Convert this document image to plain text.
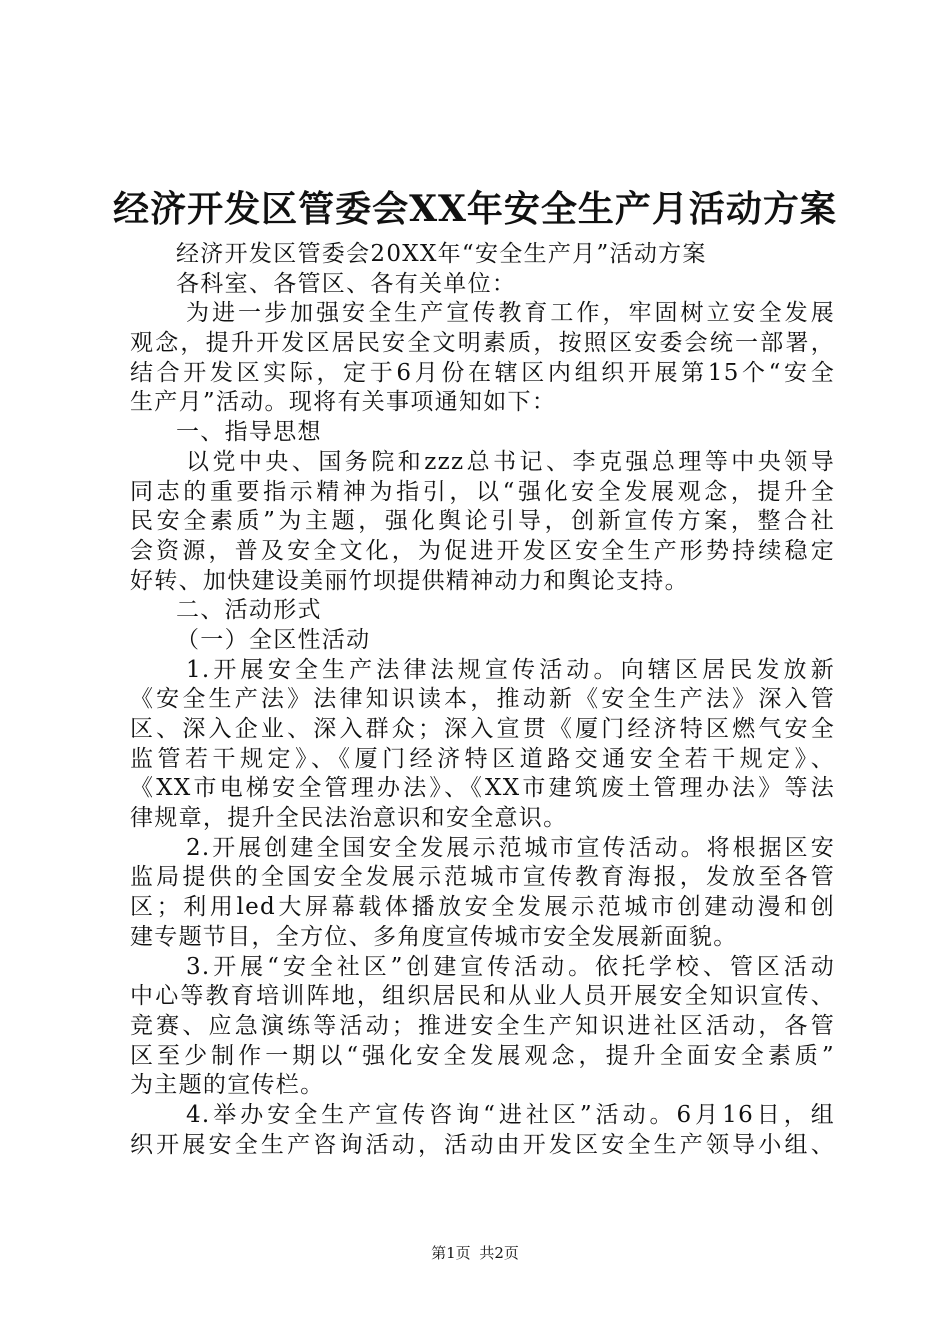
经济开发区管委会XX年安全生产月活动方案
经济开发区管委会20XX年“安全生产月”活动方案
各科室、各管区、各有关单位：
为进一步加强安全生产宣传教育工作，牢固树立安全发展
观念，提升开发区居民安全文明素质，按照区安委会统一部署，
结合开发区实际，定于6月份在辖区内组织开展第15个“安全
生产月”活动。现将有关事项通知如下：
一、指导思想
以党中央、国务院和zzz总书记、李克强总理等中央领导
同志的重要指示精神为指引，以“强化安全发展观念，提升全
民安全素质”为主题，强化舆论引导，创新宣传方案，整合社
会资源，普及安全文化，为促进开发区安全生产形势持续稳定
好转、加快建设美丽竹坝提供精神动力和舆论支持。
二、活动形式
（一）全区性活动
1.开展安全生产法律法规宣传活动。向辖区居民发放新
《安全生产法》法律知识读本，推动新《安全生产法》深入管
区、深入企业、深入群众；深入宣贯《厦门经济特区燃气安全
监管若干规定》、《厦门经济特区道路交通安全若干规定》、
《XX市电梯安全管理办法》、《XX市建筑废土管理办法》等法
律规章，提升全民法治意识和安全意识。
2.开展创建全国安全发展示范城市宣传活动。将根据区安
监局提供的全国安全发展示范城市宣传教育海报，发放至各管
区；利用led大屏幕载体播放安全发展示范城市创建动漫和创
建专题节目，全方位、多角度宣传城市安全发展新面貌。
3.开展“安全社区”创建宣传活动。依托学校、管区活动
中心等教育培训阵地，组织居民和从业人员开展安全知识宣传、
竞赛、应急演练等活动；推进安全生产知识进社区活动，各管
区至少制作一期以“强化安全发展观念，提升全面安全素质”
为主题的宣传栏。
4.举办安全生产宣传咨询“进社区”活动。6月16日，组
织开展安全生产咨询活动，活动由开发区安全生产领导小组、
第1页 共2页
